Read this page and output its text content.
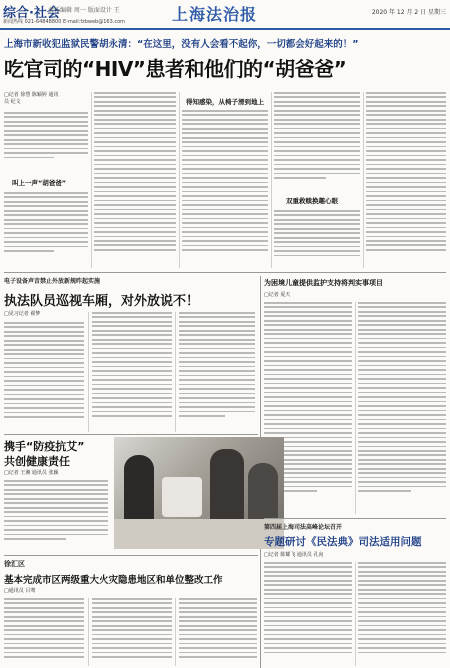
综合·社会
责任编辑 周一 版面设计 王
新闻热线 021-64848800 E-mail:fzbweb@163.com	上海法治报	2020 年 12 月 2 日 星期三
上海市新收犯监狱民警胡永清：“在这里，没有人会看不起你，一切都会好起来的！”
吃官司的“HIV”患者和他们的“胡爸爸”
□记者 徐慧 陈颖婷 通讯员 纪文
叫上一声“胡爸爸”
得知感染，从椅子滑到地上
双重救赎换趣心眼
电子设备声音禁止外放新规昨起实施
执法队员巡视车厢，对外放说不！
□见习记者 翟梦
为困境儿童提供监护支持将判实事项目
□记者 夏天
携手“防疫抗艾”
共创健康责任
□记者 王湘 通讯员 张颖
第四届上海司法高峰论坛召开
专题研讨《民法典》司法适用问题
□记者 陈耀飞 通讯员 孔向
徐汇区
基本完成市区两级重大火灾隐患地区和单位整改工作
□通讯员 吕骞
